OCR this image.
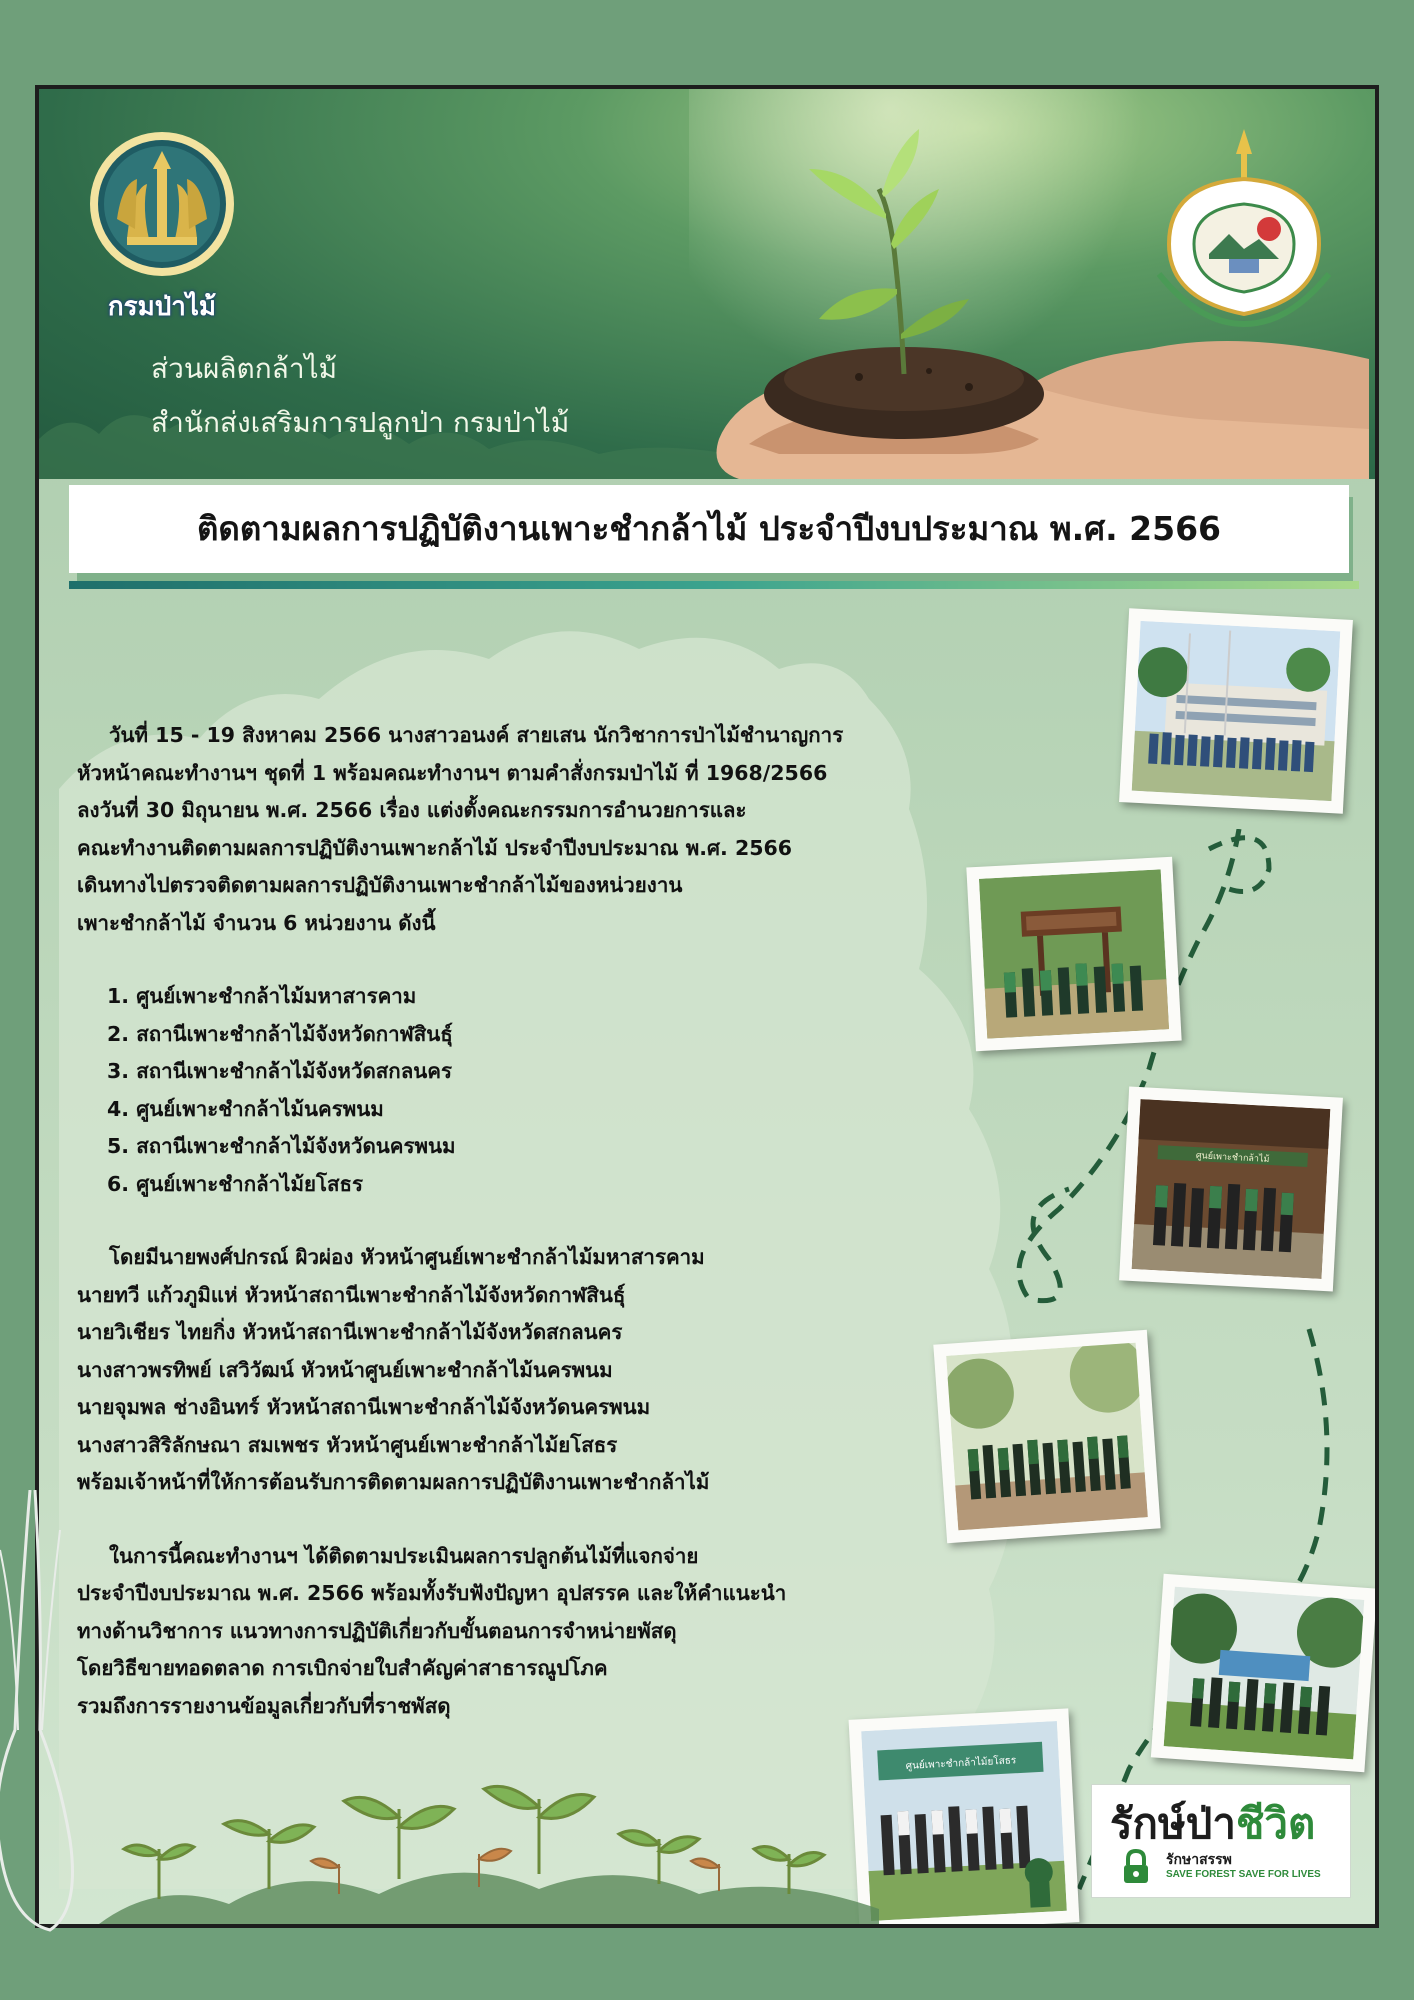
กรมป่าไม้
ส่วนผลิตกล้าไม้
สำนักส่งเสริมการปลูกป่า กรมป่าไม้
ติดตามผลการปฏิบัติงานเพาะชำกล้าไม้ ประจำปีงบประมาณ พ.ศ. 2566

วันที่ 15 - 19 สิงหาคม 2566 นางสาวอนงค์ สายเสน นักวิชาการป่าไม้ชำนาญการ
หัวหน้าคณะทำงานฯ ชุดที่ 1 พร้อมคณะทำงานฯ ตามคำสั่งกรมป่าไม้ ที่ 1968/2566
ลงวันที่ 30 มิถุนายน พ.ศ. 2566 เรื่อง แต่งตั้งคณะกรรมการอำนวยการและ
คณะทำงานติดตามผลการปฏิบัติงานเพาะกล้าไม้ ประจำปีงบประมาณ พ.ศ. 2566
เดินทางไปตรวจติดตามผลการปฏิบัติงานเพาะชำกล้าไม้ของหน่วยงาน
เพาะชำกล้าไม้ จำนวน 6 หน่วยงาน ดังนี้

1. ศูนย์เพาะชำกล้าไม้มหาสารคาม
2. สถานีเพาะชำกล้าไม้จังหวัดกาฬสินธุ์
3. สถานีเพาะชำกล้าไม้จังหวัดสกลนคร
4. ศูนย์เพาะชำกล้าไม้นครพนม
5. สถานีเพาะชำกล้าไม้จังหวัดนครพนม
6. ศูนย์เพาะชำกล้าไม้ยโสธร

โดยมีนายพงศ์ปกรณ์ ผิวผ่อง หัวหน้าศูนย์เพาะชำกล้าไม้มหาสารคาม
นายทวี แก้วภูมิแห่ หัวหน้าสถานีเพาะชำกล้าไม้จังหวัดกาฬสินธุ์
นายวิเชียร ไทยกิ่ง หัวหน้าสถานีเพาะชำกล้าไม้จังหวัดสกลนคร
นางสาวพรทิพย์ เสวิวัฒน์ หัวหน้าศูนย์เพาะชำกล้าไม้นครพนม
นายจุมพล ช่างอินทร์ หัวหน้าสถานีเพาะชำกล้าไม้จังหวัดนครพนม
นางสาวสิริลักษณา สมเพชร หัวหน้าศูนย์เพาะชำกล้าไม้ยโสธร
พร้อมเจ้าหน้าที่ให้การต้อนรับการติดตามผลการปฏิบัติงานเพาะชำกล้าไม้

ในการนี้คณะทำงานฯ ได้ติดตามประเมินผลการปลูกต้นไม้ที่แจกจ่าย
ประจำปีงบประมาณ พ.ศ. 2566 พร้อมทั้งรับฟังปัญหา อุปสรรค และให้คำแนะนำ
ทางด้านวิชาการ แนวทางการปฏิบัติเกี่ยวกับขั้นตอนการจำหน่ายพัสดุ
โดยวิธีขายทอดตลาด การเบิกจ่ายใบสำคัญค่าสาธารณูปโภค
รวมถึงการรายงานข้อมูลเกี่ยวกับที่ราชพัสดุ

ศูนย์เพาะชำกล้าไม้
ศูนย์เพาะชำกล้าไม้ยโสธร
รักษ์ป่าชีวิต
รักษาสรรพ
SAVE FOREST SAVE FOR LIVES
